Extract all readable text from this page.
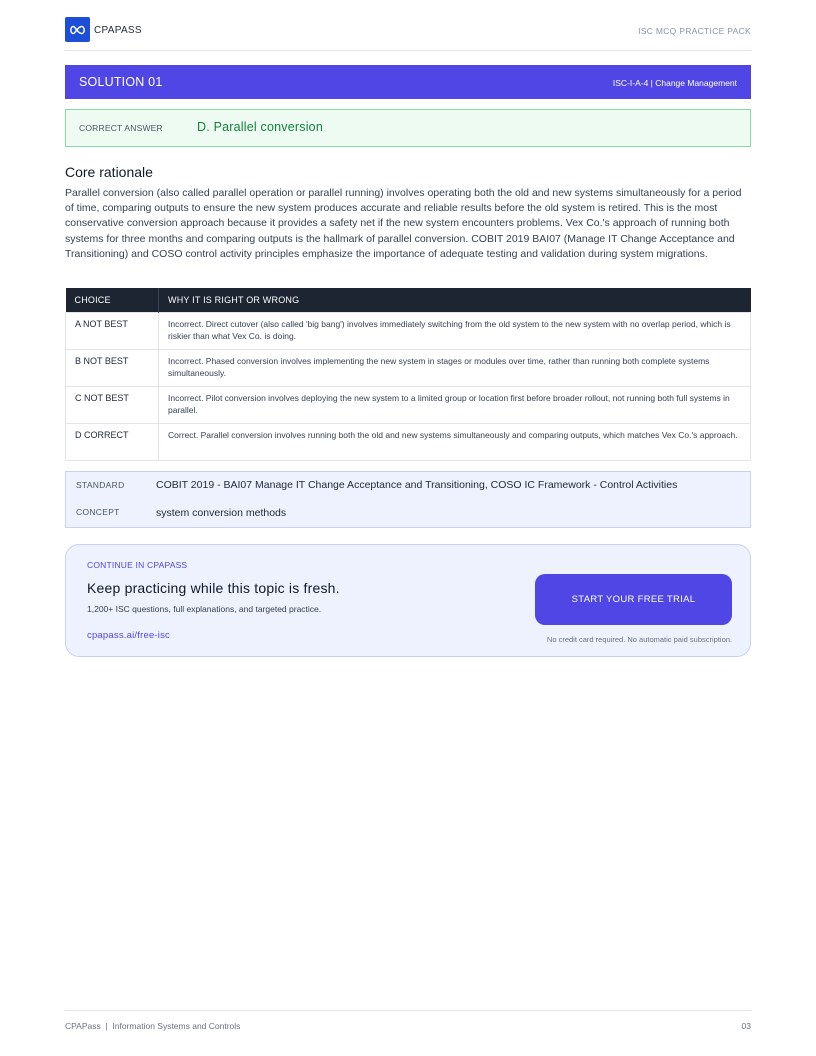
CPAPASS	ISC MCQ PRACTICE PACK
SOLUTION 01	ISC-I-A-4 | Change Management
CORRECT ANSWER	D. Parallel conversion
Core rationale

Parallel conversion (also called parallel operation or parallel running) involves operating both the old and new systems simultaneously for a period of time, comparing outputs to ensure the new system produces accurate and reliable results before the old system is retired. This is the most conservative conversion approach because it provides a safety net if the new system encounters problems. Vex Co.'s approach of running both systems for three months and comparing outputs is the hallmark of parallel conversion. COBIT 2019 BAI07 (Manage IT Change Acceptance and Transitioning) and COSO control activity principles emphasize the importance of adequate testing and validation during system migrations.

CHOICE	WHY IT IS RIGHT OR WRONG
A NOT BEST	Incorrect. Direct cutover (also called 'big bang') involves immediately switching from the old system to the new system with no overlap period, which is riskier than what Vex Co. is doing.
B NOT BEST	Incorrect. Phased conversion involves implementing the new system in stages or modules over time, rather than running both complete systems simultaneously.
C NOT BEST	Incorrect. Pilot conversion involves deploying the new system to a limited group or location first before broader rollout, not running both full systems in parallel.
D CORRECT	Correct. Parallel conversion involves running both the old and new systems simultaneously and comparing outputs, which matches Vex Co.'s approach.
STANDARD	COBIT 2019 - BAI07 Manage IT Change Acceptance and Transitioning, COSO IC Framework - Control Activities
CONCEPT	system conversion methods
CONTINUE IN CPAPASS
Keep practicing while this topic is fresh.
1,200+ ISC questions, full explanations, and targeted practice.
cpapass.ai/free-isc
START YOUR FREE TRIAL
No credit card required. No automatic paid subscription.
CPAPass  |  Information Systems and Controls	03
